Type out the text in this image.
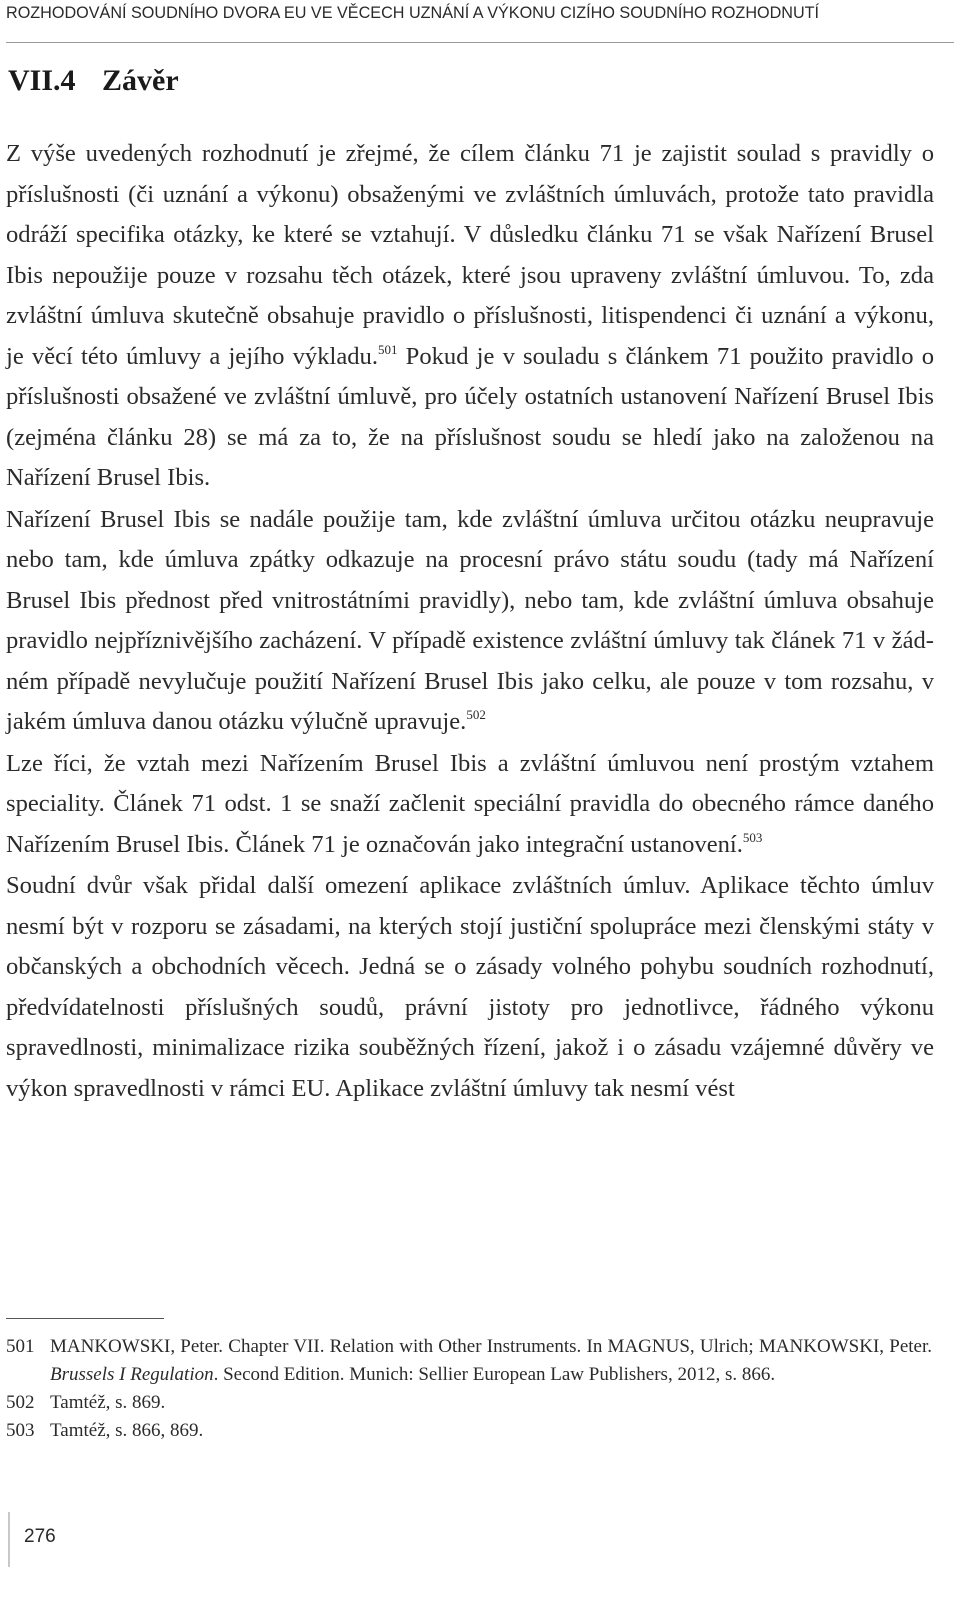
ROZHODOVÁNÍ SOUDNÍHO DVORA EU VE VĚCECH UZNÁNÍ A VÝKONU CIZÍHO SOUDNÍHO ROZHODNUTÍ
VII.4 Závěr

Z výše uvedených rozhodnutí je zřejmé, že cílem článku 71 je zajistit soulad s pravidly o příslušnosti (či uznání a výkonu) obsaženými ve zvláštních úmluvách, protože tato pravidla odráží specifika otázky, ke které se vztahují. V důsledku článku 71 se však Nařízení Brusel Ibis nepoužije pouze v rozsahu těch otázek, které jsou upraveny zvláštní úmluvou. To, zda zvláštní úmluva skutečně obsahuje pravidlo o příslušnosti, litispendenci či uznání a výkonu, je věcí této úmluvy a jejího výkladu.$^{501}$ Pokud je v souladu s článkem 71 použito pravidlo o příslušnosti obsažené ve zvláštní úmluvě, pro účely ostatních ustanovení Nařízení Brusel Ibis (zejména článku 28) se má za to, že na příslušnost soudu se hledí jako na založenou na Nařízení Brusel Ibis.

Nařízení Brusel Ibis se nadále použije tam, kde zvláštní úmluva určitou otázku neupravuje nebo tam, kde úmluva zpátky odkazuje na procesní právo státu soudu (tady má Nařízení Brusel Ibis přednost před vnitrostátními pravidly), nebo tam, kde zvláštní úmluva obsahuje pravidlo nejpříznivějšího zacházení. V případě existence zvláštní úmluvy tak článek 71 v žádném případě nevylučuje použití Nařízení Brusel Ibis jako celku, ale pouze v tom rozsahu, v jakém úmluva danou otázku výlučně upravuje.$^{502}$

Lze říci, že vztah mezi Nařízením Brusel Ibis a zvláštní úmluvou není prostým vztahem speciality. Článek 71 odst. 1 se snaží začlenit speciální pravidla do obecného rámce daného Nařízením Brusel Ibis. Článek 71 je označován jako integrační ustanovení.$^{503}$

Soudní dvůr však přidal další omezení aplikace zvláštních úmluv. Aplikace těchto úmluv nesmí být v rozporu se zásadami, na kterých stojí justiční spolupráce mezi členskými státy v občanských a obchodních věcech. Jedná se o zásady volného pohybu soudních rozhodnutí, předvídatelnosti příslušných soudů, právní jistoty pro jednotlivce, řádného výkonu spravedlnosti, minimalizace rizika souběžných řízení, jakož i o zásadu vzájemné důvěry ve výkon spravedlnosti v rámci EU. Aplikace zvláštní úmluvy tak nesmí vést

501 MANKOWSKI, Peter. Chapter VII. Relation with Other Instruments. In MAGNUS, Ulrich; MANKOWSKI, Peter. Brussels I Regulation. Second Edition. Munich: Sellier European Law Publishers, 2012, s. 866.
502 Tamtéž, s. 869.
503 Tamtéž, s. 866, 869.
276
